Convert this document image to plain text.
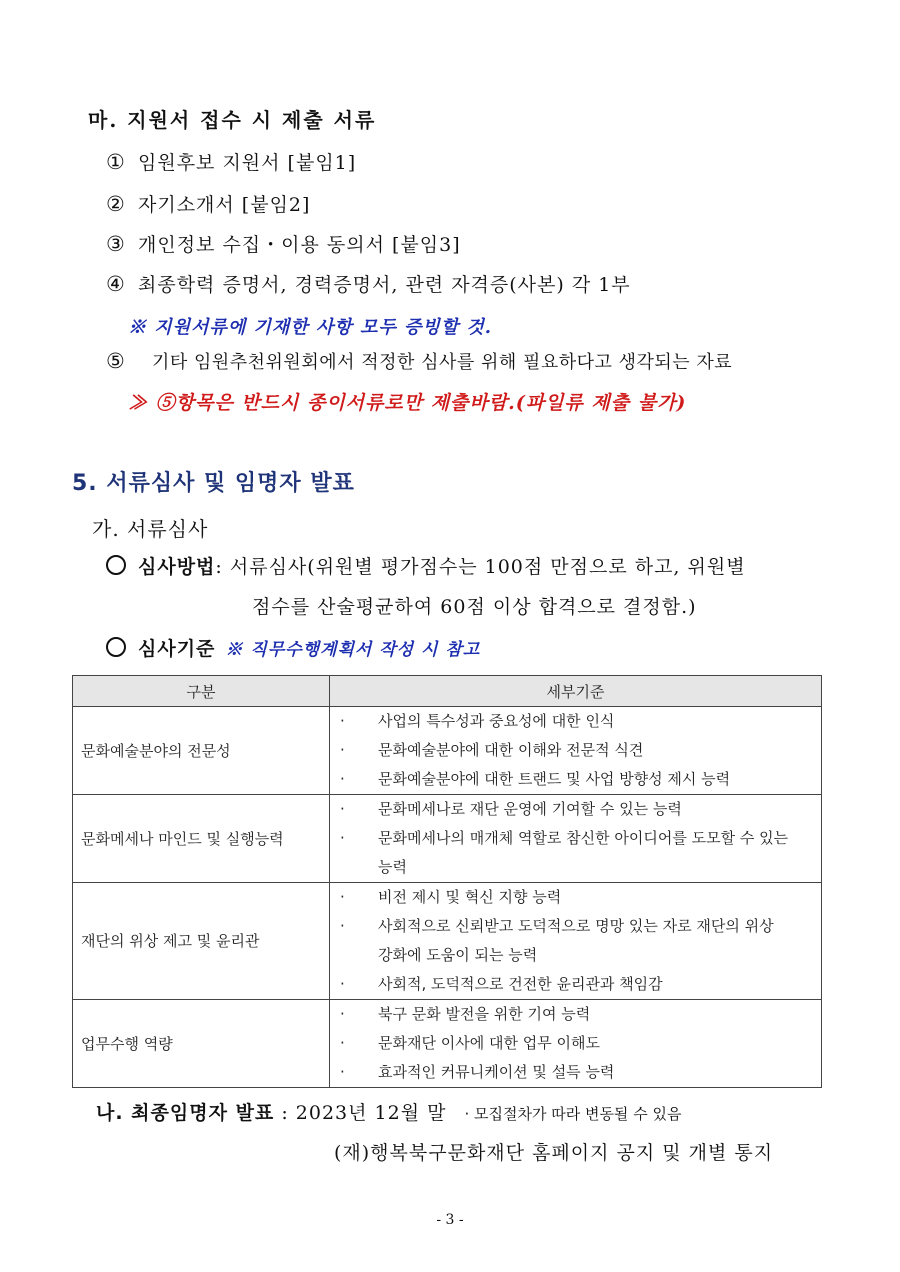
마. 지원서 접수 시 제출 서류
① 임원후보 지원서 [붙임1]
② 자기소개서 [붙임2]
③ 개인정보 수집・이용 동의서 [붙임3]
④ 최종학력 증명서, 경력증명서, 관련 자격증(사본) 각 1부
※ 지원서류에 기재한 사항 모두 증빙할 것.
⑤ 기타 임원추천위원회에서 적정한 심사를 위해 필요하다고 생각되는 자료
≫ ⑤항목은 반드시 종이서류로만 제출바람.(파일류 제출 불가)
5. 서류심사 및 임명자 발표
가. 서류심사
심사방법: 서류심사(위원별 평가점수는 100점 만점으로 하고, 위원별
점수를 산술평균하여 60점 이상 합격으로 결정함.)
심사기준 ※ 직무수행계획서 작성 시 참고
구분	세부기준
문화예술분야의 전문성	· 사업의 특수성과 중요성에 대한 인식
· 문화예술분야에 대한 이해와 전문적 식견
· 문화예술분야에 대한 트랜드 및 사업 방향성 제시 능력

문화메세나 마인드 및 실행능력	· 문화메세나로 재단 운영에 기여할 수 있는 능력
· 문화메세나의 매개체 역할로 참신한 아이디어를 도모할 수 있는
능력

재단의 위상 제고 및 윤리관	· 비전 제시 및 혁신 지향 능력
· 사회적으로 신뢰받고 도덕적으로 명망 있는 자로 재단의 위상
강화에 도움이 되는 능력
· 사회적, 도덕적으로 건전한 윤리관과 책임감

업무수행 역량	· 북구 문화 발전을 위한 기여 능력
· 문화재단 이사에 대한 업무 이해도
· 효과적인 커뮤니케이션 및 설득 능력
나. 최종임명자 발표 : 2023년 12월 말 · 모집절차가 따라 변동될 수 있음
(재)행복북구문화재단 홈페이지 공지 및 개별 통지
- 3 -
